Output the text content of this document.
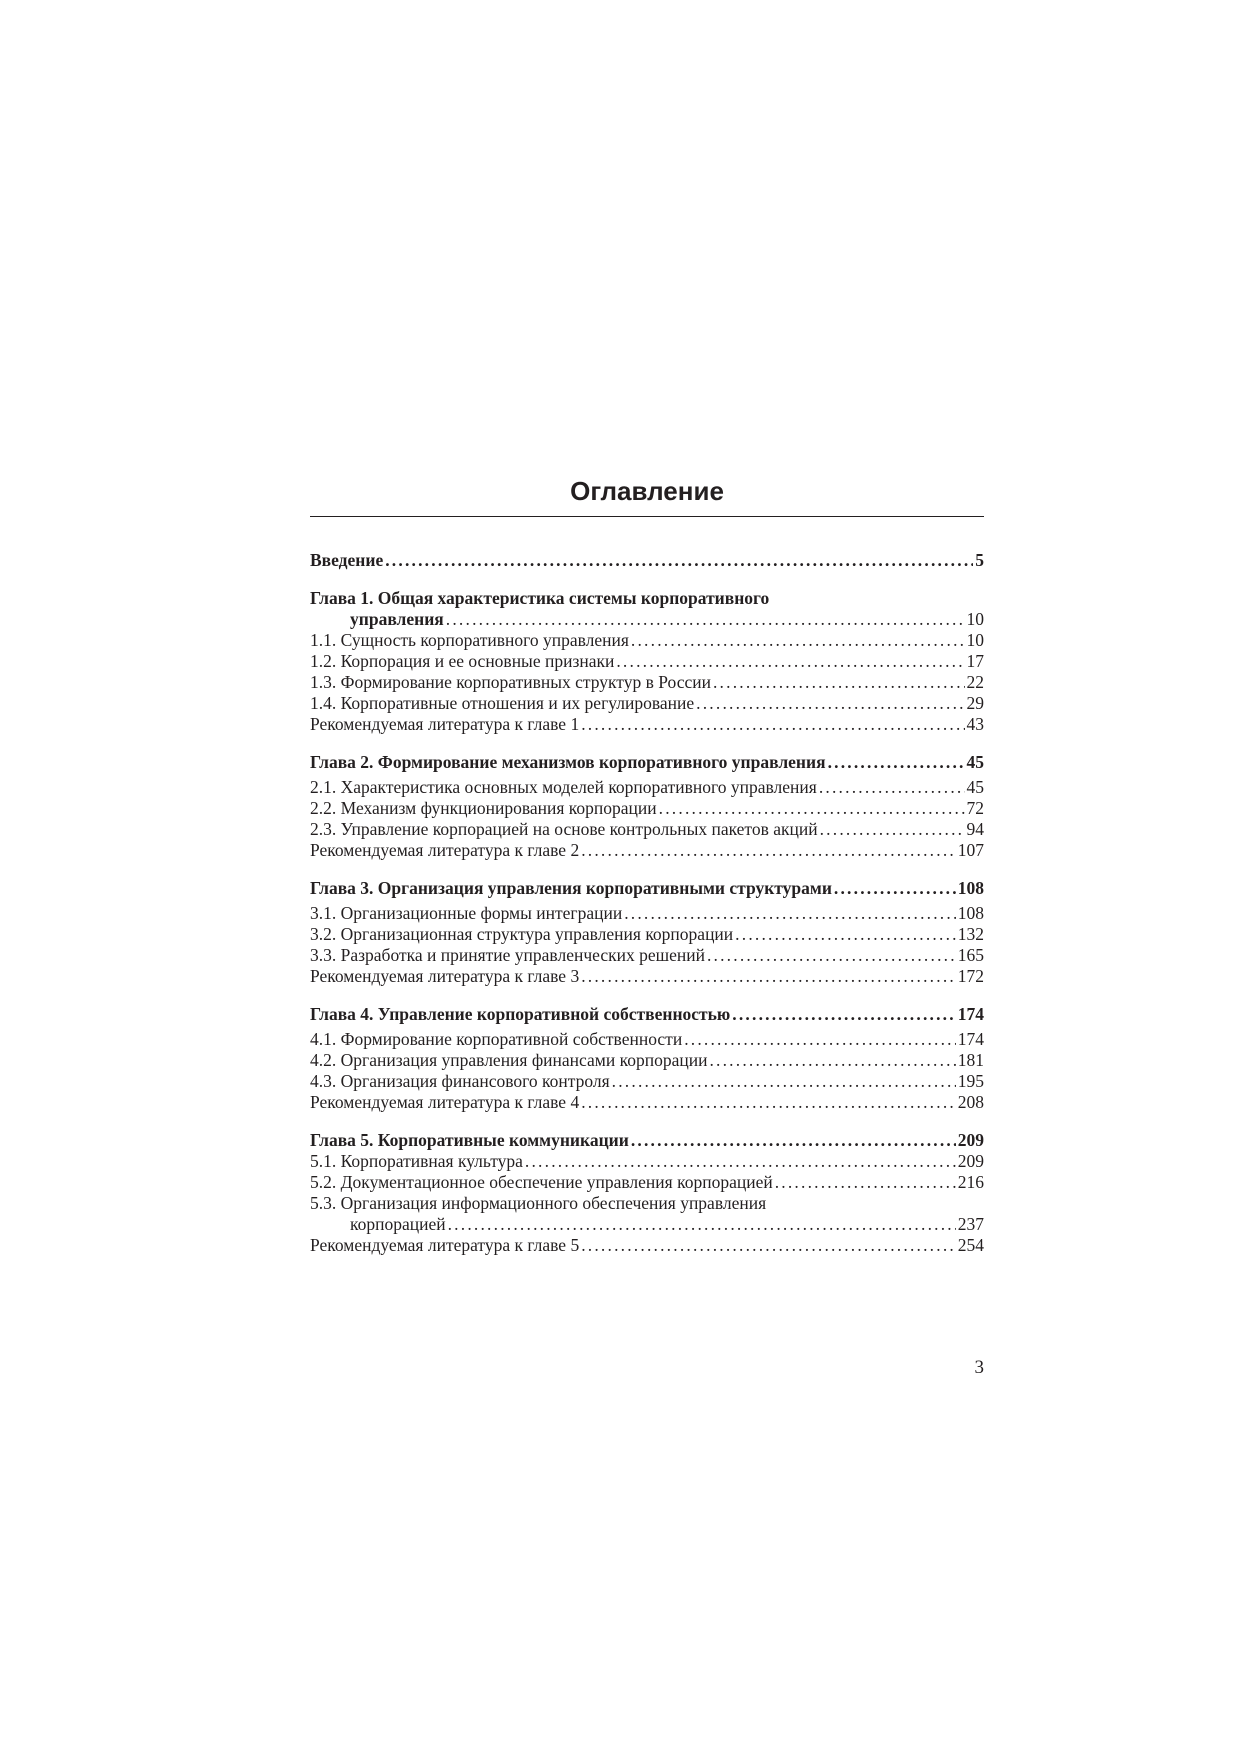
Оглавление
Введение .....	5
Глава 1. Общая характеристика системы корпоративного
управления .....	10
1.1. Сущность корпоративного управления .....	10
1.2. Корпорация и ее основные признаки .....	17
1.3. Формирование корпоративных структур в России .....	22
1.4. Корпоративные отношения и их регулирование .....	29
Рекомендуемая литература к главе 1 .....	43
Глава 2. Формирование механизмов корпоративного управления .....	45
2.1. Характеристика основных моделей корпоративного управления .....	45
2.2. Механизм функционирования корпорации .....	72
2.3. Управление корпорацией на основе контрольных пакетов акций .....	94
Рекомендуемая литература к главе 2 .....	107
Глава 3. Организация управления корпоративными структурами .....	108
3.1. Организационные формы интеграции .....	108
3.2. Организационная структура управления корпорации .....	132
3.3. Разработка и принятие управленческих решений .....	165
Рекомендуемая литература к главе 3 .....	172
Глава 4. Управление корпоративной собственностью .....	174
4.1. Формирование корпоративной собственности .....	174
4.2. Организация управления финансами корпорации .....	181
4.3. Организация финансового контроля .....	195
Рекомендуемая литература к главе 4 .....	208
Глава 5. Корпоративные коммуникации .....	209
5.1. Корпоративная культура .....	209
5.2. Документационное обеспечение управления корпорацией .....	216
5.3. Организация информационного обеспечения управления
корпорацией .....	237
Рекомендуемая литература к главе 5 .....	254
3
